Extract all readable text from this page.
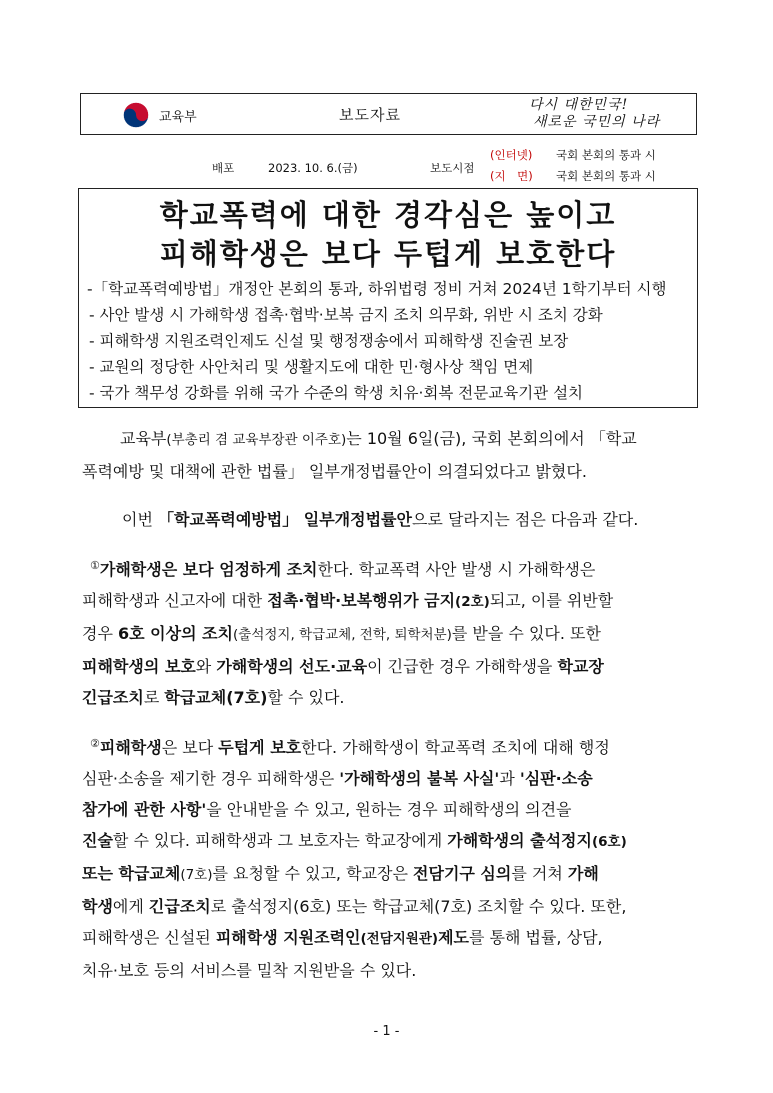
교육부	보도자료
다시 대한민국!
새로운 국민의 나라
배포	2023. 10. 6.(금)	보도시점
(인터넷) 국회 본회의 통과 시
(지　면) 국회 본회의 통과 시
학교폭력에 대한 경각심은 높이고
피해학생은 보다 두텁게 보호한다
-「학교폭력예방법」개정안 본회의 통과, 하위법령 정비 거쳐 2024년 1학기부터 시행
- 사안 발생 시 가해학생 접촉·협박·보복 금지 조치 의무화, 위반 시 조치 강화
- 피해학생 지원조력인제도 신설 및 행정쟁송에서 피해학생 진술권 보장
- 교원의 정당한 사안처리 및 생활지도에 대한 민·형사상 책임 면제
- 국가 책무성 강화를 위해 국가 수준의 학생 치유·회복 전문교육기관 설치
교육부(부총리 겸 교육부장관 이주호)는 10월 6일(금), 국회 본회의에서 「학교
폭력예방 및 대책에 관한 법률」 일부개정법률안이 의결되었다고 밝혔다.
이번 「학교폭력예방법」 일부개정법률안으로 달라지는 점은 다음과 같다.
①가해학생은 보다 엄정하게 조치한다. 학교폭력 사안 발생 시 가해학생은
피해학생과 신고자에 대한 접촉·협박·보복행위가 금지(2호)되고, 이를 위반할
경우 6호 이상의 조치(출석정지, 학급교체, 전학, 퇴학처분)를 받을 수 있다. 또한
피해학생의 보호와 가해학생의 선도·교육이 긴급한 경우 가해학생을 학교장
긴급조치로 학급교체(7호)할 수 있다.
②피해학생은 보다 두텁게 보호한다. 가해학생이 학교폭력 조치에 대해 행정
심판·소송을 제기한 경우 피해학생은 '가해학생의 불복 사실'과 '심판·소송
참가에 관한 사항'을 안내받을 수 있고, 원하는 경우 피해학생의 의견을
진술할 수 있다. 피해학생과 그 보호자는 학교장에게 가해학생의 출석정지(6호)
또는 학급교체(7호)를 요청할 수 있고, 학교장은 전담기구 심의를 거쳐 가해
학생에게 긴급조치로 출석정지(6호) 또는 학급교체(7호) 조치할 수 있다. 또한,
피해학생은 신설된 피해학생 지원조력인(전담지원관)제도를 통해 법률, 상담,
치유·보호 등의 서비스를 밀착 지원받을 수 있다.
- 1 -
